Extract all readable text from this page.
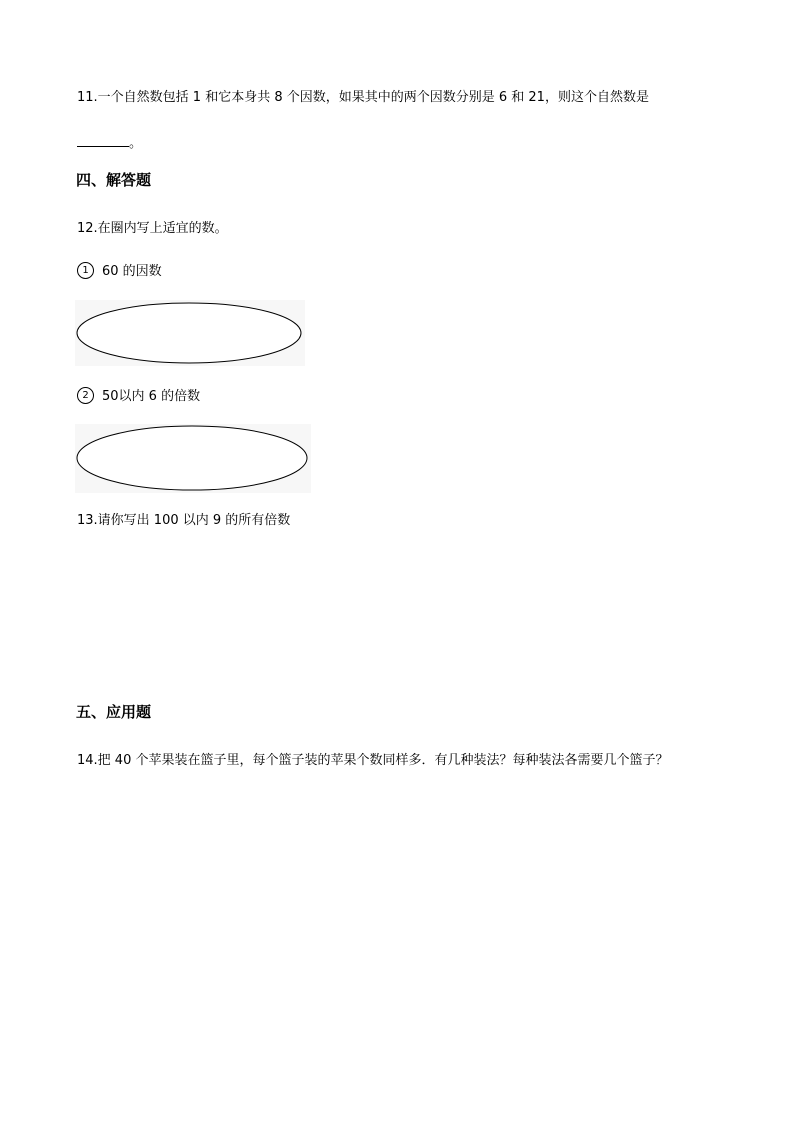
11.一个自然数包括 1 和它本身共 8 个因数，如果其中的两个因数分别是 6 和 21，则这个自然数是
。
四、解答题
12.在圈内写上适宜的数。
1 60 的因数
2 50以内 6 的倍数
13.请你写出 100 以内 9 的所有倍数
五、应用题
14.把 40 个苹果装在篮子里，每个篮子装的苹果个数同样多．有几种装法？每种装法各需要几个篮子？
